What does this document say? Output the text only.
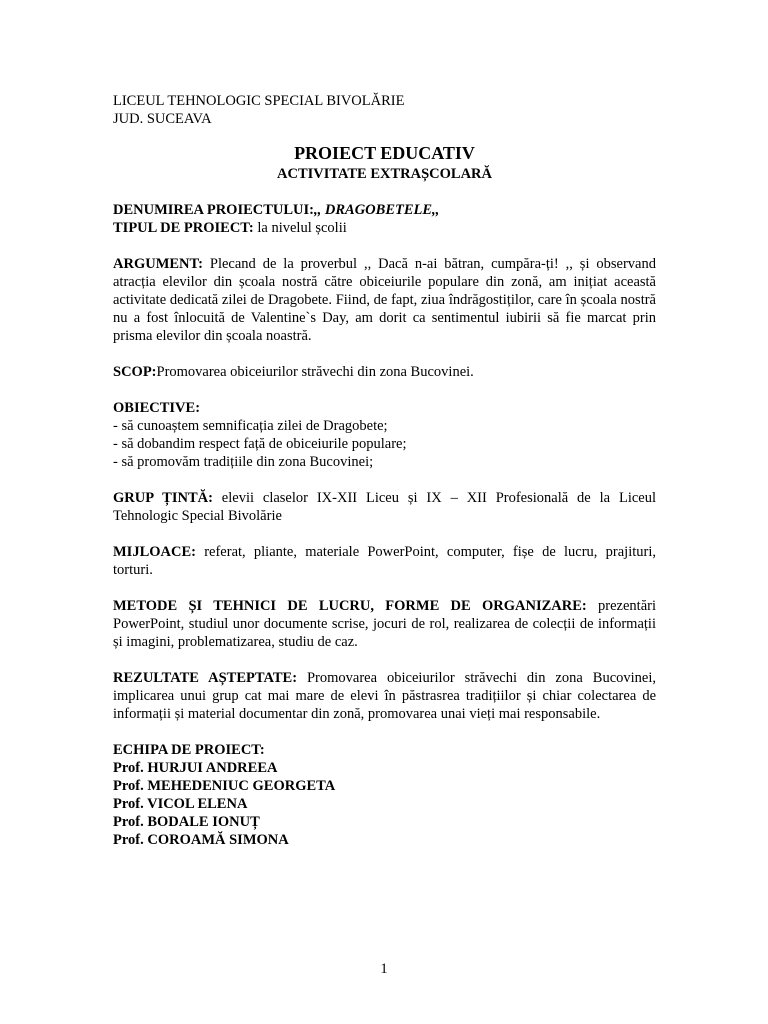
LICEUL TEHNOLOGIC SPECIAL BIVOLĂRIE

JUD. SUCEAVA

PROIECT EDUCATIV
ACTIVITATE EXTRAȘCOLARĂ

DENUMIREA PROIECTULUI:,, DRAGOBETELE,,

TIPUL DE PROIECT: la nivelul școlii

ARGUMENT: Plecand de la proverbul ,, Dacă n-ai bătran, cumpăra-ți! ,, și observand atracția elevilor din școala nostră către obiceiurile populare din zonă, am inițiat această activitate dedicată zilei de Dragobete. Fiind, de fapt, ziua îndrăgostiților, care în școala nostră nu a fost înlocuită de Valentine`s Day, am dorit ca sentimentul iubirii să fie marcat prin prisma elevilor din școala noastră.

SCOP:Promovarea obiceiurilor străvechi din zona Bucovinei.

OBIECTIVE:

- să cunoaștem semnificația zilei de Dragobete;

- să dobandim respect față de obiceiurile populare;

- să promovăm tradițiile din zona Bucovinei;

GRUP ȚINTĂ: elevii claselor IX-XII Liceu și IX – XII Profesională de la Liceul Tehnologic Special Bivolărie

MIJLOACE: referat, pliante, materiale PowerPoint, computer, fișe de lucru, prajituri, torturi.

METODE ȘI TEHNICI DE LUCRU, FORME DE ORGANIZARE: prezentări PowerPoint, studiul unor documente scrise, jocuri de rol, realizarea de colecții de informații și imagini, problematizarea, studiu de caz.

REZULTATE AȘTEPTATE: Promovarea obiceiurilor străvechi din zona Bucovinei, implicarea unui grup cat mai mare de elevi în păstrasrea tradițiilor și chiar colectarea de informații și material documentar din zonă, promovarea unai vieți mai responsabile.

ECHIPA DE PROIECT:

Prof. HURJUI ANDREEA

Prof. MEHEDENIUC GEORGETA

Prof. VICOL ELENA

Prof. BODALE IONUȚ

Prof. COROAMĂ SIMONA

1
